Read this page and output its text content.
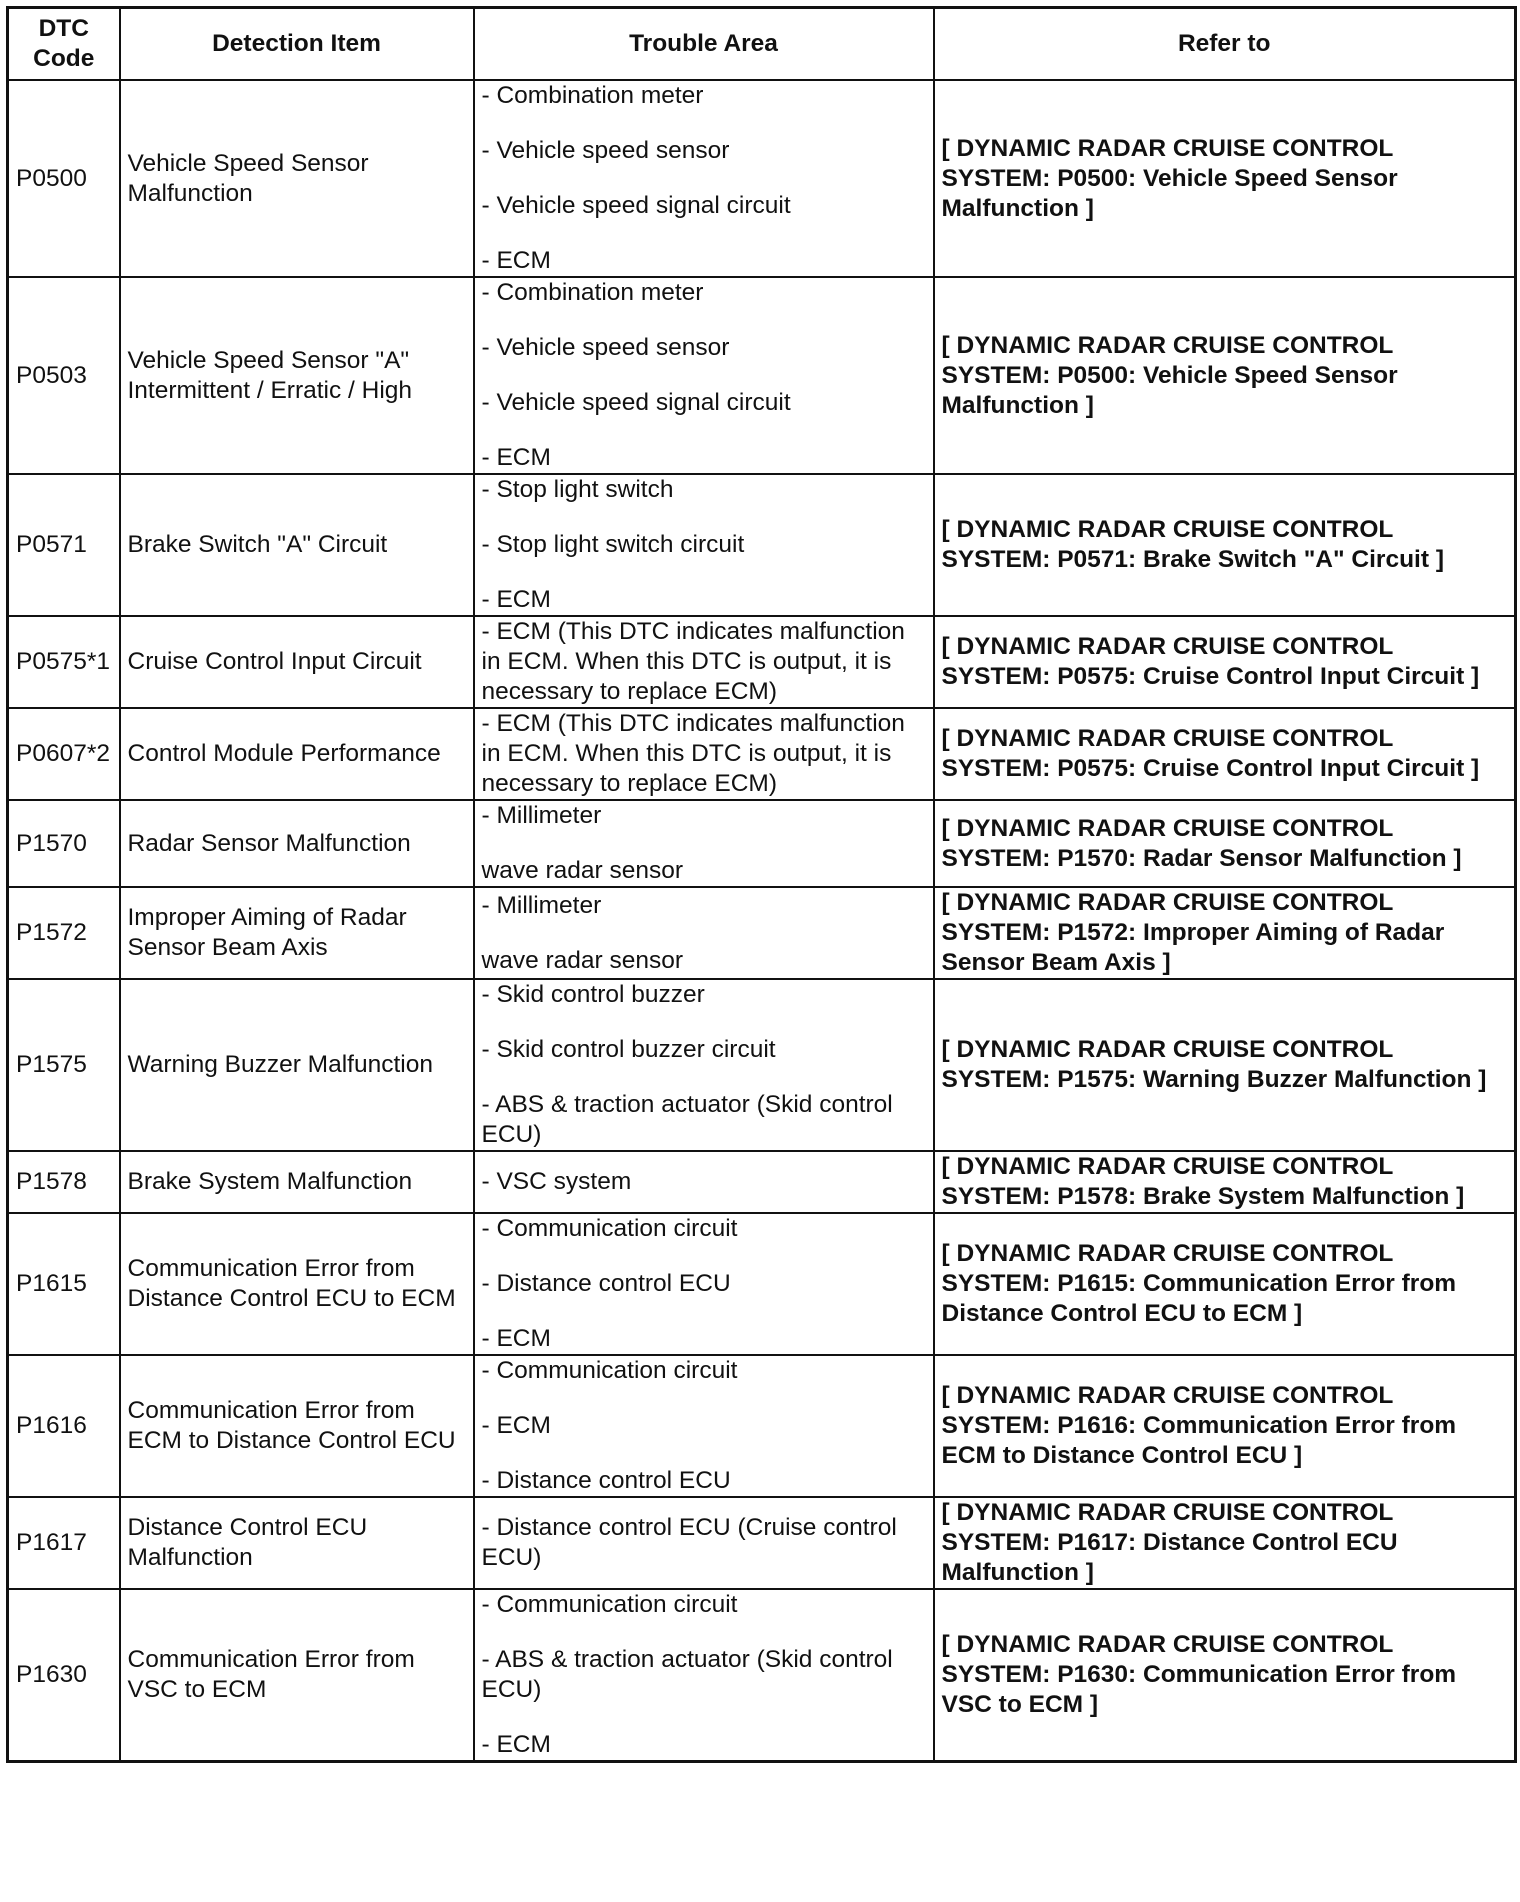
DTC Code	Detection Item	Trouble Area	Refer to
P0500	Vehicle Speed Sensor Malfunction	- Combination meter
- Vehicle speed sensor
- Vehicle speed signal circuit
- ECM	[ DYNAMIC RADAR CRUISE CONTROL SYSTEM: P0500: Vehicle Speed Sensor Malfunction ]

P0503	Vehicle Speed Sensor "A" Intermittent / Erratic / High	- Combination meter
- Vehicle speed sensor
- Vehicle speed signal circuit
- ECM	[ DYNAMIC RADAR CRUISE CONTROL SYSTEM: P0500: Vehicle Speed Sensor Malfunction ]

P0571	Brake Switch "A" Circuit	- Stop light switch
- Stop light switch circuit
- ECM	[ DYNAMIC RADAR CRUISE CONTROL SYSTEM: P0571: Brake Switch "A" Circuit ]

P0575*1	Cruise Control Input Circuit	- ECM (This DTC indicates malfunction in ECM. When this DTC is output, it is necessary to replace ECM)	[ DYNAMIC RADAR CRUISE CONTROL SYSTEM: P0575: Cruise Control Input Circuit ]

P0607*2	Control Module Performance	- ECM (This DTC indicates malfunction in ECM. When this DTC is output, it is necessary to replace ECM)	[ DYNAMIC RADAR CRUISE CONTROL SYSTEM: P0575: Cruise Control Input Circuit ]

P1570	Radar Sensor Malfunction	- Millimeter
wave radar sensor	[ DYNAMIC RADAR CRUISE CONTROL SYSTEM: P1570: Radar Sensor Malfunction ]

P1572	Improper Aiming of Radar Sensor Beam Axis	- Millimeter
wave radar sensor	[ DYNAMIC RADAR CRUISE CONTROL SYSTEM: P1572: Improper Aiming of Radar Sensor Beam Axis ]

P1575	Warning Buzzer Malfunction	- Skid control buzzer
- Skid control buzzer circuit
- ABS & traction actuator (Skid control ECU)	[ DYNAMIC RADAR CRUISE CONTROL SYSTEM: P1575: Warning Buzzer Malfunction ]

P1578	Brake System Malfunction	- VSC system	[ DYNAMIC RADAR CRUISE CONTROL SYSTEM: P1578: Brake System Malfunction ]

P1615	Communication Error from Distance Control ECU to ECM	- Communication circuit
- Distance control ECU
- ECM	[ DYNAMIC RADAR CRUISE CONTROL SYSTEM: P1615: Communication Error from Distance Control ECU to ECM ]

P1616	Communication Error from ECM to Distance Control ECU	- Communication circuit
- ECM
- Distance control ECU	[ DYNAMIC RADAR CRUISE CONTROL SYSTEM: P1616: Communication Error from ECM to Distance Control ECU ]

P1617	Distance Control ECU Malfunction	- Distance control ECU (Cruise control ECU)	[ DYNAMIC RADAR CRUISE CONTROL SYSTEM: P1617: Distance Control ECU Malfunction ]

P1630	Communication Error from VSC to ECM	- Communication circuit
- ABS & traction actuator (Skid control ECU)
- ECM	[ DYNAMIC RADAR CRUISE CONTROL SYSTEM: P1630: Communication Error from VSC to ECM ]
